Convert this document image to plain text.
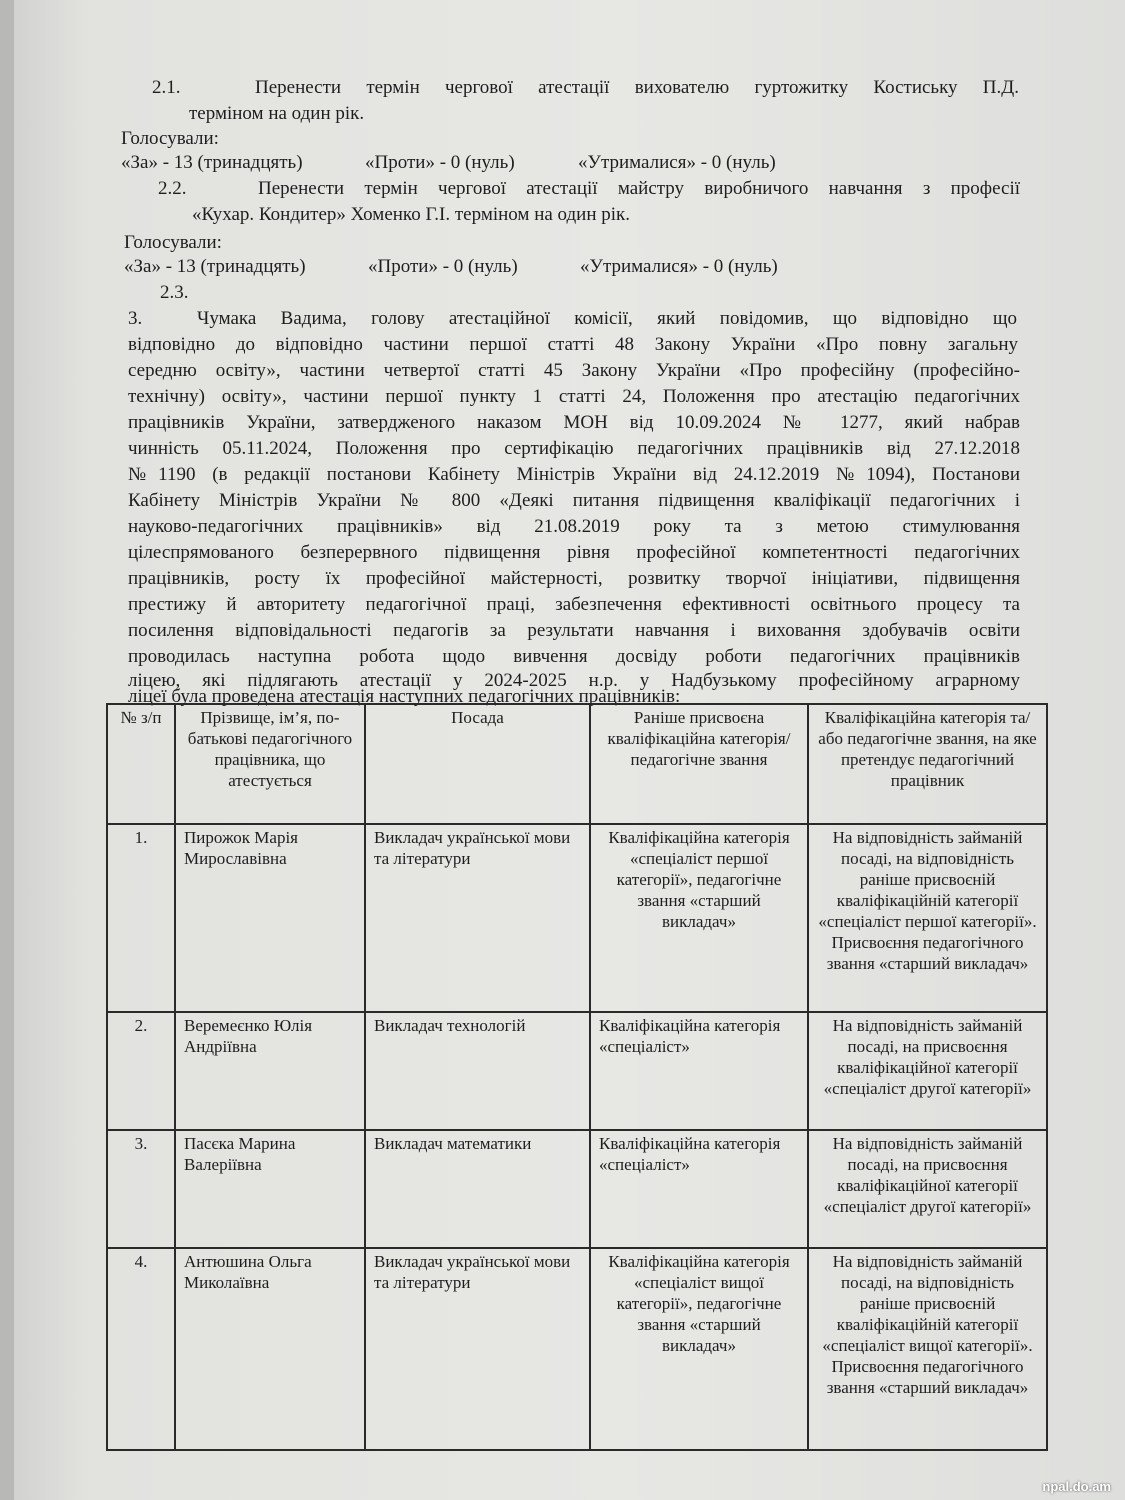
2.1.	Перенести термін чергової атестації вихователю гуртожитку Костиську П.Д.
терміном на один рік.
Голосували:
«За» - 13 (тринадцять)	«Проти» - 0 (нуль)	«Утрималися» - 0 (нуль)
2.2.	Перенести термін чергової атестації майстру виробничого навчання з професії
«Кухар. Кондитер» Хоменко Г.І. терміном на один рік.
Голосували:
«За» - 13 (тринадцять)	«Проти» - 0 (нуль)	«Утрималися» - 0 (нуль)
2.3.
3.	Чумака Вадима, голову атестаційної комісії, який повідомив, що відповідно що
відповідно до відповідно частини першої статті 48 Закону України «Про повну загальну
середню освіту», частини четвертої статті 45 Закону України «Про професійну (професійно-
технічну) освіту», частини першої пункту 1 статті 24, Положення про атестацію педагогічних
працівників України, затвердженого наказом МОН від 10.09.2024 № 1277, який набрав
чинність 05.11.2024, Положення про сертифікацію педагогічних працівників від 27.12.2018
№1190 (в редакції постанови Кабінету Міністрів України від 24.12.2019 №1094), Постанови
Кабінету Міністрів України № 800 «Деякі питання підвищення кваліфікації педагогічних і
науково-педагогічних працівників» від 21.08.2019 року та з метою стимулювання
цілеспрямованого безперервного підвищення рівня професійної компетентності педагогічних
працівників, росту їх професійної майстерності, розвитку творчої ініціативи, підвищення
престижу й авторитету педагогічної праці, забезпечення ефективності освітнього процесу та
посилення відповідальності педагогів за результати навчання і виховання здобувачів освіти
проводилась наступна робота щодо вивчення досвіду роботи педагогічних працівників
ліцею, які підлягають атестації у 2024-2025 н.р. у Надбузькому професійному аграрному
ліцеї була проведена атестація наступних педагогічних працівників:
№ з/п	Прізвище, ім’я, по-батькові педагогічного працівника, що атестується	Посада	Раніше присвоєна кваліфікаційна категорія/ педагогічне звання	Кваліфікаційна категорія та/або педагогічне звання, на яке претендує педагогічний працівник
1.	Пирожок Марія Мирославівна	Викладач української мови та літератури	Кваліфікаційна категорія «спеціаліст першої категорії», педагогічне звання «старший викладач»	На відповідність займаній посаді, на відповідність раніше присвоєній кваліфікаційній категорії «спеціаліст першої категорії». Присвоєння педагогічного звання «старший викладач»
2.	Веремеєнко Юлія Андріївна	Викладач технологій	Кваліфікаційна категорія «спеціаліст»	На відповідність займаній посаді, на присвоєння кваліфікаційної категорії «спеціаліст другої категорії»
3.	Пасєка Марина Валеріївна	Викладач математики	Кваліфікаційна категорія «спеціаліст»	На відповідність займаній посаді, на присвоєння кваліфікаційної категорії «спеціаліст другої категорії»
4.	Антюшина Ольга Миколаївна	Викладач української мови та літератури	Кваліфікаційна категорія «спеціаліст вищої категорії», педагогічне звання «старший викладач»	На відповідність займаній посаді, на відповідність раніше присвоєній кваліфікаційній категорії «спеціаліст вищої категорії». Присвоєння педагогічного звання «старший викладач»
npal.do.am
